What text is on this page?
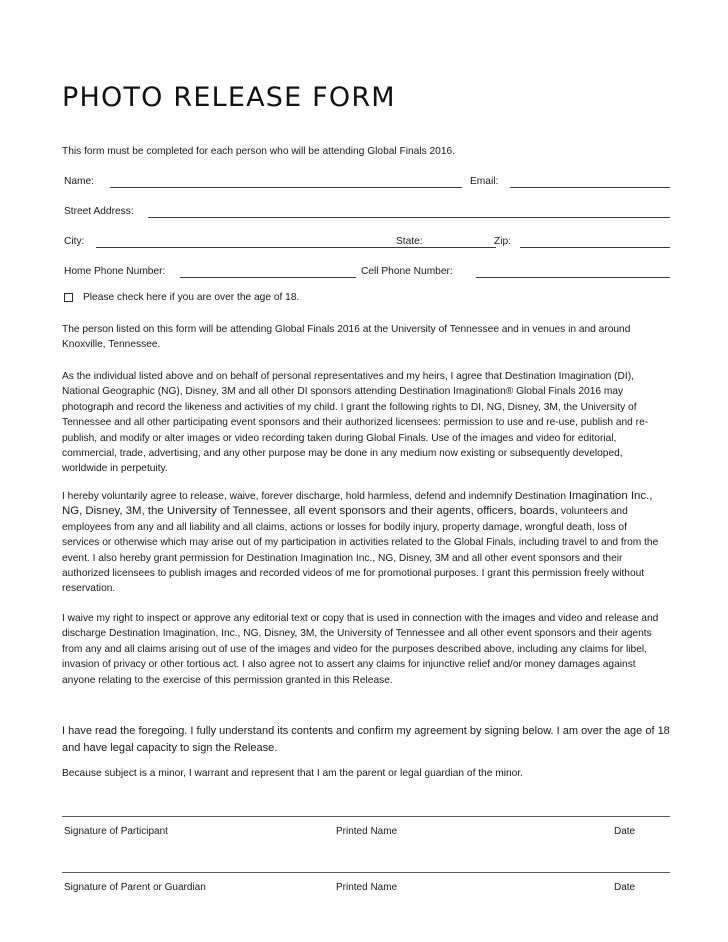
PHOTO RELEASE FORM
This form must be completed for each person who will be attending Global Finals 2016.
Name:	Email:
Street Address:
City:	State:	Zip:
Home Phone Number:	Cell Phone Number:
Please check here if you are over the age of 18.
The person listed on this form will be attending Global Finals 2016 at the University of Tennessee and in venues in and around Knoxville, Tennessee.
As the individual listed above and on behalf of personal representatives and my heirs, I agree that Destination Imagination (DI), National Geographic (NG), Disney, 3M and all other DI sponsors attending Destination Imagination® Global Finals 2016 may photograph and record the likeness and activities of my child. I grant the following rights to DI, NG, Disney, 3M, the University of Tennessee and all other participating event sponsors and their authorized licensees: permission to use and re-use, publish and re-publish, and modify or alter images or video recording taken during Global Finals. Use of the images and video for editorial, commercial, trade, advertising, and any other purpose may be done in any medium now existing or subsequently developed, worldwide in perpetuity.
I hereby voluntarily agree to release, waive, forever discharge, hold harmless, defend and indemnify Destination Imagination Inc., NG, Disney, 3M, the University of Tennessee, all event sponsors and their agents, officers, boards, volunteers and employees from any and all liability and all claims, actions or losses for bodily injury, property damage, wrongful death, loss of services or otherwise which may arise out of my participation in activities related to the Global Finals, including travel to and from the event. I also hereby grant permission for Destination Imagination Inc., NG, Disney, 3M and all other event sponsors and their authorized licensees to publish images and recorded videos of me for promotional purposes. I grant this permission freely without reservation.
I waive my right to inspect or approve any editorial text or copy that is used in connection with the images and video and release and discharge Destination Imagination, Inc., NG, Disney, 3M, the University of Tennessee and all other event sponsors and their agents from any and all claims arising out of use of the images and video for the purposes described above, including any claims for libel, invasion of privacy or other tortious act. I also agree not to assert any claims for injunctive relief and/or money damages against anyone relating to the exercise of this permission granted in this Release.
I have read the foregoing. I fully understand its contents and confirm my agreement by signing below. I am over the age of 18 and have legal capacity to sign the Release.
Because subject is a minor, I warrant and represent that I am the parent or legal guardian of the minor.
Signature of Participant	Printed Name	Date
Signature of Parent or Guardian	Printed Name	Date
